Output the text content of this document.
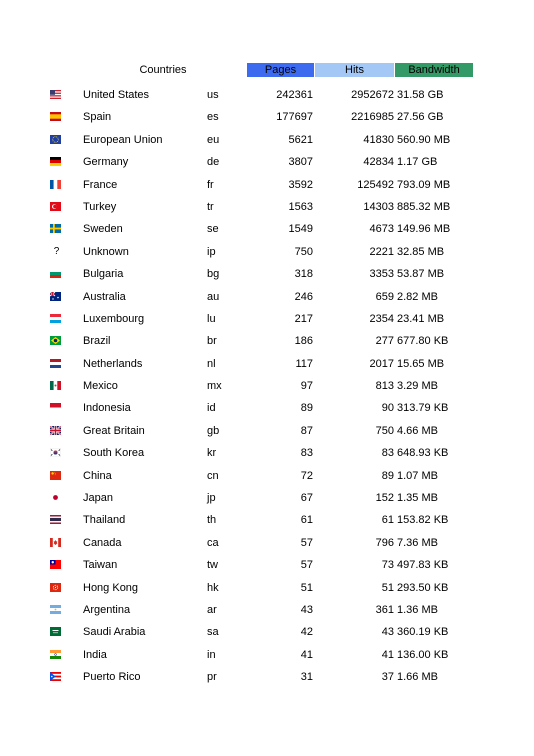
Countries	Pages	Hits	Bandwidth
United States	us	242361	2952672 31.58 GB
Spain	es	177697	2216985 27.56 GB
European Union	eu	5621	41830 560.90 MB
Germany	de	3807	42834 1.17 GB
France	fr	3592	125492 793.09 MB
Turkey	tr	1563	14303 885.32 MB
Sweden	se	1549	4673 149.96 MB
? Unknown	ip	750	2221 32.85 MB
Bulgaria	bg	318	3353 53.87 MB
Australia	au	246	659 2.82 MB
Luxembourg	lu	217	2354 23.41 MB
Brazil	br	186	277 677.80 KB
Netherlands	nl	117	2017 15.65 MB
Mexico	mx	97	813 3.29 MB
Indonesia	id	89	90 313.79 KB
Great Britain	gb	87	750 4.66 MB
South Korea	kr	83	83 648.93 KB
China	cn	72	89 1.07 MB
Japan	jp	67	152 1.35 MB
Thailand	th	61	61 153.82 KB
Canada	ca	57	796 7.36 MB
Taiwan	tw	57	73 497.83 KB
Hong Kong	hk	51	51 293.50 KB
Argentina	ar	43	361 1.36 MB
Saudi Arabia	sa	42	43 360.19 KB
India	in	41	41 136.00 KB
Puerto Rico	pr	31	37 1.66 MB
